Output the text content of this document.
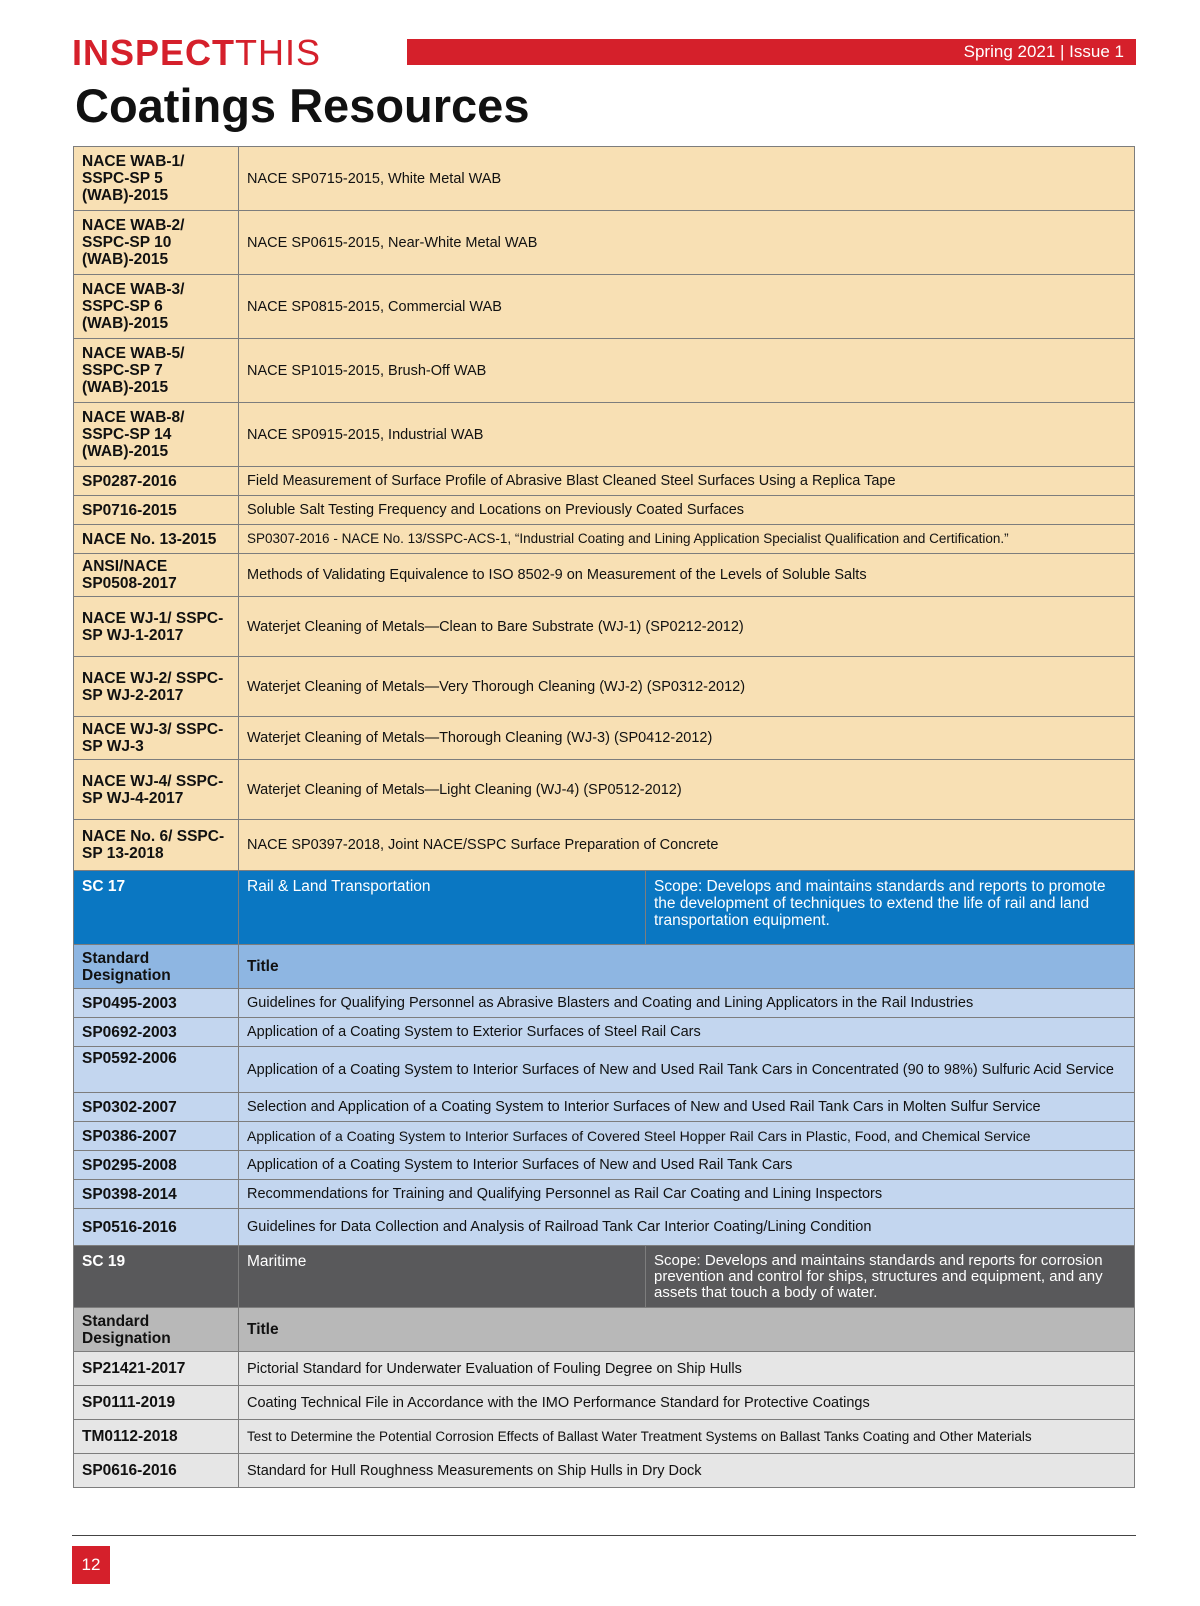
INSPECTTHIS	Spring 2021 | Issue 1
Coatings Resources
NACE WAB-1/ SSPC-SP 5 (WAB)-2015	NACE SP0715-2015, White Metal WAB	
NACE WAB-2/ SSPC-SP 10 (WAB)-2015	NACE SP0615-2015, Near-White Metal WAB	
NACE WAB-3/ SSPC-SP 6 (WAB)-2015	NACE SP0815-2015, Commercial WAB	
NACE WAB-5/ SSPC-SP 7 (WAB)-2015	NACE SP1015-2015, Brush-Off WAB	
NACE WAB-8/ SSPC-SP 14 (WAB)-2015	NACE SP0915-2015, Industrial WAB	
SP0287-2016	Field Measurement of Surface Profile of Abrasive Blast Cleaned Steel Surfaces Using a Replica Tape	
SP0716-2015	Soluble Salt Testing Frequency and Locations on Previously Coated Surfaces	
NACE No. 13-2015	SP0307-2016 - NACE No. 13/SSPC-ACS-1, “Industrial Coating and Lining Application Specialist Qualification and Certification.”	
ANSI/NACE SP0508-2017	Methods of Validating Equivalence to ISO 8502-9 on Measurement of the Levels of Soluble Salts	
NACE WJ-1/ SSPC-SP WJ-1-2017	Waterjet Cleaning of Metals—Clean to Bare Substrate (WJ-1) (SP0212-2012)	
NACE WJ-2/ SSPC-SP WJ-2-2017	Waterjet Cleaning of Metals—Very Thorough Cleaning (WJ-2) (SP0312-2012)	
NACE WJ-3/ SSPC-SP WJ-3	Waterjet Cleaning of Metals—Thorough Cleaning (WJ-3) (SP0412-2012)	
NACE WJ-4/ SSPC-SP WJ-4-2017	Waterjet Cleaning of Metals—Light Cleaning (WJ-4) (SP0512-2012)	
NACE No. 6/ SSPC-SP 13-2018	NACE SP0397-2018, Joint NACE/SSPC Surface Preparation of Concrete	
SC 17	Rail & Land Transportation	Scope: Develops and maintains standards and reports to promote the development of techniques to extend the life of rail and land transportation equipment.
Standard Designation	Title	
SP0495-2003	Guidelines for Qualifying Personnel as Abrasive Blasters and Coating and Lining Applicators in the Rail Industries	
SP0692-2003	Application of a Coating System to Exterior Surfaces of Steel Rail Cars	
SP0592-2006	Application of a Coating System to Interior Surfaces of New and Used Rail Tank Cars in Concentrated (90 to 98%) Sulfuric Acid Service	
SP0302-2007	Selection and Application of a Coating System to Interior Surfaces of New and Used Rail Tank Cars in Molten Sulfur Service	
SP0386-2007	Application of a Coating System to Interior Surfaces of Covered Steel Hopper Rail Cars in Plastic, Food, and Chemical Service	
SP0295-2008	Application of a Coating System to Interior Surfaces of New and Used Rail Tank Cars	
SP0398-2014	Recommendations for Training and Qualifying Personnel as Rail Car Coating and Lining Inspectors	
SP0516-2016	Guidelines for Data Collection and Analysis of Railroad Tank Car Interior Coating/Lining Condition	
SC 19	Maritime	Scope: Develops and maintains standards and reports for corrosion prevention and control for ships, structures and equipment, and any assets that touch a body of water.
Standard Designation	Title	
SP21421-2017	Pictorial Standard for Underwater Evaluation of Fouling Degree on Ship Hulls	
SP0111-2019	Coating Technical File in Accordance with the IMO Performance Standard for Protective Coatings	
TM0112-2018	Test to Determine the Potential Corrosion Effects of Ballast Water Treatment Systems on Ballast Tanks Coating and Other Materials	
SP0616-2016	Standard for Hull Roughness Measurements on Ship Hulls in Dry Dock	
12
